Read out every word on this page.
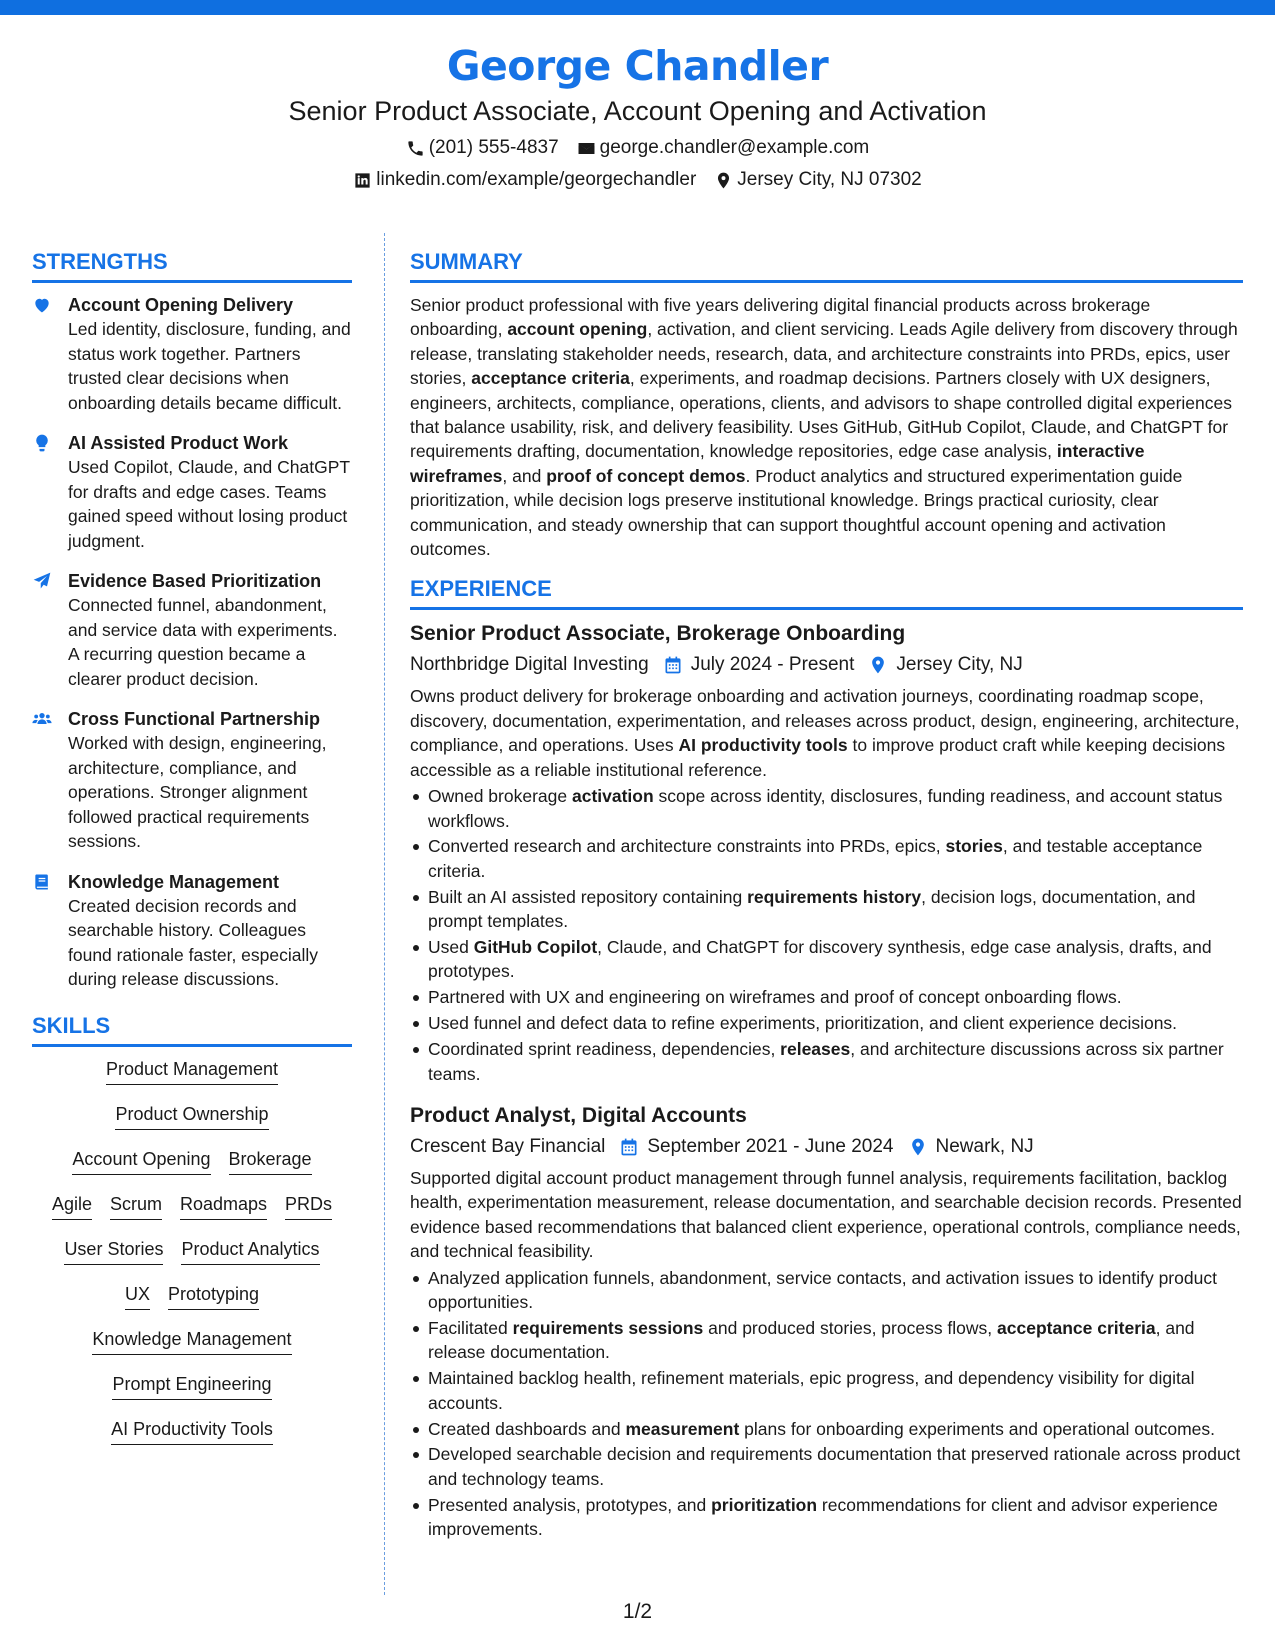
George Chandler
Senior Product Associate, Account Opening and Activation
(201) 555-4837 george.chandler@example.com
linkedin.com/example/georgechandler Jersey City, NJ 07302
STRENGTHS
Account Opening Delivery
Led identity, disclosure, funding, and status work together. Partners trusted clear decisions when onboarding details became difficult.
AI Assisted Product Work
Used Copilot, Claude, and ChatGPT for drafts and edge cases. Teams gained speed without losing product judgment.
Evidence Based Prioritization
Connected funnel, abandonment, and service data with experiments. A recurring question became a clearer product decision.
Cross Functional Partnership
Worked with design, engineering, architecture, compliance, and operations. Stronger alignment followed practical requirements sessions.
Knowledge Management
Created decision records and searchable history. Colleagues found rationale faster, especially during release discussions.
SKILLS
Product Management
Product Ownership
Account Opening Brokerage
Agile Scrum Roadmaps PRDs
User Stories Product Analytics
UX Prototyping
Knowledge Management
Prompt Engineering
AI Productivity Tools
SUMMARY
Senior product professional with five years delivering digital financial products across brokerage onboarding, account opening, activation, and client servicing. Leads Agile delivery from discovery through release, translating stakeholder needs, research, data, and architecture constraints into PRDs, epics, user stories, acceptance criteria, experiments, and roadmap decisions. Partners closely with UX designers, engineers, architects, compliance, operations, clients, and advisors to shape controlled digital experiences that balance usability, risk, and delivery feasibility. Uses GitHub, GitHub Copilot, Claude, and ChatGPT for requirements drafting, documentation, knowledge repositories, edge case analysis, interactive wireframes, and proof of concept demos. Product analytics and structured experimentation guide prioritization, while decision logs preserve institutional knowledge. Brings practical curiosity, clear communication, and steady ownership that can support thoughtful account opening and activation outcomes.
EXPERIENCE
Senior Product Associate, Brokerage Onboarding
Northbridge Digital Investing July 2024 - Present Jersey City, NJ
Owns product delivery for brokerage onboarding and activation journeys, coordinating roadmap scope, discovery, documentation, experimentation, and releases across product, design, engineering, architecture, compliance, and operations. Uses AI productivity tools to improve product craft while keeping decisions accessible as a reliable institutional reference.
Owned brokerage activation scope across identity, disclosures, funding readiness, and account status workflows.
Converted research and architecture constraints into PRDs, epics, stories, and testable acceptance criteria.
Built an AI assisted repository containing requirements history, decision logs, documentation, and prompt templates.
Used GitHub Copilot, Claude, and ChatGPT for discovery synthesis, edge case analysis, drafts, and prototypes.
Partnered with UX and engineering on wireframes and proof of concept onboarding flows.
Used funnel and defect data to refine experiments, prioritization, and client experience decisions.
Coordinated sprint readiness, dependencies, releases, and architecture discussions across six partner teams.
Product Analyst, Digital Accounts
Crescent Bay Financial September 2021 - June 2024 Newark, NJ
Supported digital account product management through funnel analysis, requirements facilitation, backlog health, experimentation measurement, release documentation, and searchable decision records. Presented evidence based recommendations that balanced client experience, operational controls, compliance needs, and technical feasibility.
Analyzed application funnels, abandonment, service contacts, and activation issues to identify product opportunities.
Facilitated requirements sessions and produced stories, process flows, acceptance criteria, and release documentation.
Maintained backlog health, refinement materials, epic progress, and dependency visibility for digital accounts.
Created dashboards and measurement plans for onboarding experiments and operational outcomes.
Developed searchable decision and requirements documentation that preserved rationale across product and technology teams.
Presented analysis, prototypes, and prioritization recommendations for client and advisor experience improvements.
1/2
